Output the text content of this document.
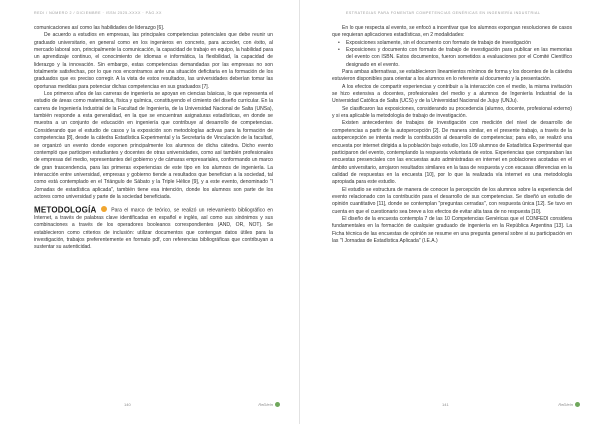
REDI / NÚMERO 2 / DICIEMBRE · ISSN 2525-XXXX · PÁG.XX

comunicaciones así como las habilidades de liderazgo [6].

De acuerdo a estudios en empresas, las principales competencias potenciales que debe reunir un graduado universitario, en general como en los ingenieros en concreto, para acceder, con éxito, al mercado laboral son, principalmente la comunicación, la capacidad de trabajo en equipo, la habilidad para un aprendizaje continuo, el conocimiento de idiomas e informática, la flexibilidad, la capacidad de liderazgo y la innovación. Sin embargo, estas competencias demandadas por las empresas no son totalmente satisfechas, por lo que nos encontramos ante una situación deficitaria en la formación de los graduados que es preciso corregir. A la vista de estos resultados, las universidades deberían tomar las oportunas medidas para potenciar dichas competencias en sus graduados [7].

Los primeros años de las carreras de ingeniería se apoyan en ciencias básicas, lo que representa el estudio de áreas como matemática, física y química, constituyendo el cimiento del diseño curricular. En la carrera de Ingeniería Industrial de la Facultad de Ingeniería, de la Universidad Nacional de Salta (UNSa), también responde a esta generalidad, en la que se encuentran asignaturas estadísticas, en donde se muestra a un conjunto de educación en ingeniería que contribuye al desarrollo de competencias. Considerando que el estudio de casos y la exposición son metodologías activas para la formación de competencias [8], desde la cátedra Estadística Experimental y la Secretaría de Vinculación de la facultad, se organizó un evento donde exponen principalmente los alumnos de dicha cátedra. Dicho evento contempló que participen estudiantes y docentes de otras universidades, como así también profesionales de empresas del medio, representantes del gobierno y de cámaras empresariales, conformando un marco de gran trascendencia, para las primeras experiencias de este tipo en los alumnos de ingeniería. La interacción entre universidad, empresas y gobierno tiende a resultados que benefician a la sociedad, tal como está contemplado en el Triángulo de Sábato y la Triple Hélice [9], y a este evento, denominado "I Jornadas de estadística aplicada", también tiene esa intención, donde los alumnos son parte de los actores como universidad y parte de la sociedad beneficiada.

METODOLOGÍA	Para el marco de teórico, se realizó un relevamiento bibliográfico en Internet, a través de palabras clave identificadas en español e inglés, así como sus sinónimos y sus combinaciones a través de los operadores booleanos correspondientes (AND, OR, NOT). Se establecieron como criterios de inclusión: utilizar documentos que contengan datos útiles para la investigación, trabajos preferentemente en formato pdf, con referencias bibliográficas que contribuyan a sustentar su autenticidad.

140	ReDIeIn
ESTRATEGIAS PARA FOMENTAR COMPETENCIAS GENÉRICAS EN INGENIERÍA INDUSTRIAL

En lo que respecta al evento, se enfocó a incentivar que los alumnos expongan resoluciones de casos que requieran aplicaciones estadísticas, en 2 modalidades:

• Exposiciones solamente, sin el documento con formato de trabajo de investigación
• Exposiciones y documento con formato de trabajo de investigación para publicar en las memorias del evento con ISBN. Estos documentos, fueron sometidos a evaluaciones por el Comité Científico designado en el evento.

Para ambas alternativas, se establecieron lineamientos mínimos de forma y los docentes de la cátedra estuvieron disponibles para orientar a los alumnos en lo referente al documento y la presentación.

A los efectos de compartir experiencias y contribuir a la interacción con el medio, la misma invitación se hizo extensiva a docentes, profesionales del medio y a alumnos de Ingeniería Industrial de la Universidad Católica de Salta (UCS) y de la Universidad Nacional de Jujuy (UNJu).

Se clasificaron las exposiciones, considerando su procedencia (alumno, docente, profesional externo) y si era aplicable la metodología de trabajo de investigación.

Existen antecedentes de trabajos de investigación con medición del nivel de desarrollo de competencias a partir de la autopercepción [2]. De manera similar, en el presente trabajo, a través de la autopercepción se intenta medir la contribución al desarrollo de competencias; para ello, se realizó una encuesta por internet dirigida a la población bajo estudio, los 109 alumnos de Estadística Experimental que participaron del evento, contemplando la respuesta voluntaria de estos. Experiencias que comparaban las encuestas presenciales con las encuestas auto administradas en internet en poblaciones acotadas en el ámbito universitario, arrojaron resultados similares en la tasa de respuesta y con escasas diferencias en la calidad de respuestas en la encuesta [10], por lo que la realizada vía internet es una metodología apropiada para este estudio.

El estudio se estructura de manera de conocer la percepción de los alumnos sobre la experiencia del evento relacionado con la contribución para el desarrollo de sus competencias. Se diseñó un estudio de opinión cuantitativo [11], donde se contemplan "preguntas cerradas", con respuesta única [12]. Se tuvo en cuenta en que el cuestionario sea breve a los efectos de evitar alta tasa de no respuesta [10].

El diseño de la encuesta contempla 7 de las 10 Competencias Genéricas que el CONFEDI considera fundamentales en la formación de cualquier graduado de ingeniería en la República Argentina [13]. La Ficha técnica de las encuestas de opinión se resume en una pregunta general sobre si su participación en las "I Jornadas de Estadística Aplicada" (I.E.A.)

141	ReDIeIn
